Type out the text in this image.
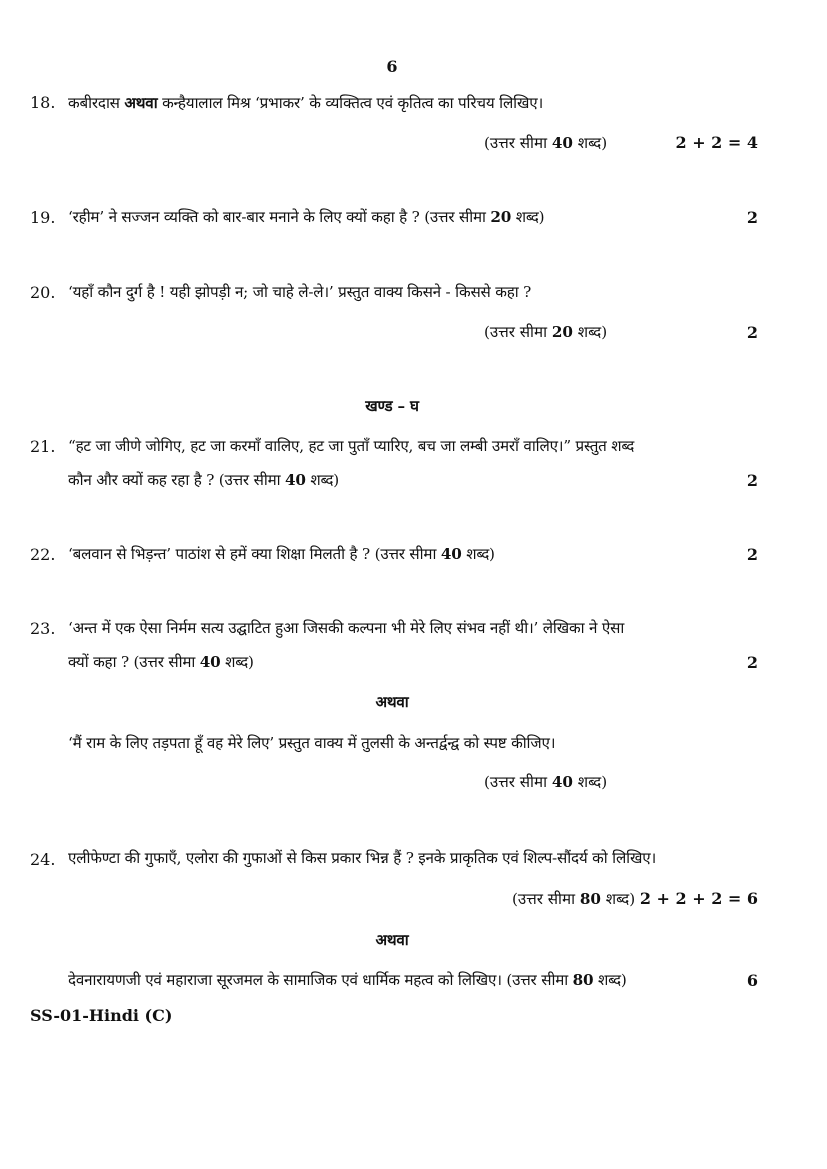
6
18. कबीरदास अथवा कन्हैयालाल मिश्र ‘प्रभाकर’ के व्यक्तित्व एवं कृतित्व का परिचय लिखिए।
(उत्तर सीमा 40 शब्द)	2 + 2 = 4
19. ‘रहीम’ ने सज्जन व्यक्ति को बार-बार मनाने के लिए क्यों कहा है ? (उत्तर सीमा 20 शब्द)	2
20. ‘यहाँ कौन दुर्ग है ! यही झोपड़ी न; जो चाहे ले-ले।’ प्रस्तुत वाक्य किसने - किससे कहा ?
(उत्तर सीमा 20 शब्द)	2
खण्ड – घ
21. “हट जा जीणे जोगिए, हट जा करमाँ वालिए, हट जा पुताँ प्यारिए, बच जा लम्बी उमराँ वालिए।” प्रस्तुत शब्द
कौन और क्यों कह रहा है ? (उत्तर सीमा 40 शब्द)	2
22. ‘बलवान से भिड़न्त’ पाठांश से हमें क्या शिक्षा मिलती है ? (उत्तर सीमा 40 शब्द)	2
23. ‘अन्त में एक ऐसा निर्मम सत्य उद्घाटित हुआ जिसकी कल्पना भी मेरे लिए संभव नहीं थी।’ लेखिका ने ऐसा
क्यों कहा ? (उत्तर सीमा 40 शब्द)	2
अथवा
‘मैं राम के लिए तड़पता हूँ वह मेरे लिए’ प्रस्तुत वाक्य में तुलसी के अन्तर्द्वन्द्व को स्पष्ट कीजिए।
(उत्तर सीमा 40 शब्द)
24. एलीफेण्टा की गुफाएँ, एलोरा की गुफाओं से किस प्रकार भिन्न हैं ? इनके प्राकृतिक एवं शिल्प-सौंदर्य को लिखिए।
(उत्तर सीमा 80 शब्द) 2 + 2 + 2 = 6
अथवा
देवनारायणजी एवं महाराजा सूरजमल के सामाजिक एवं धार्मिक महत्व को लिखिए। (उत्तर सीमा 80 शब्द)	6
SS-01-Hindi (C)
